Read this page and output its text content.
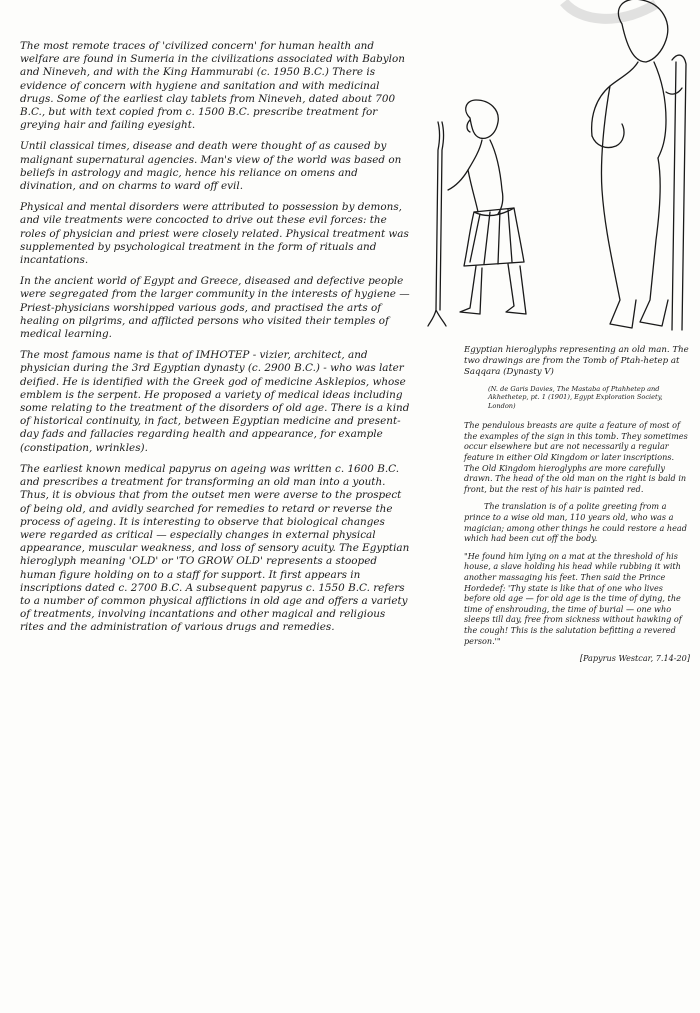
The most remote traces of 'civilized concern' for human health and welfare are found in Sumeria in the civilizations associated with Babylon and Nineveh, and with the King Hammurabi (c. 1950 B.C.) There is evidence of concern with hygiene and sanitation and with medicinal drugs. Some of the earliest clay tablets from Nineveh, dated about 700 B.C., but with text copied from c. 1500 B.C. prescribe treatment for greying hair and failing eyesight.

Until classical times, disease and death were thought of as caused by malignant supernatural agencies. Man's view of the world was based on beliefs in astrology and magic, hence his reliance on omens and divination, and on charms to ward off evil.

Physical and mental disorders were attributed to possession by demons, and vile treatments were concocted to drive out these evil forces: the roles of physician and priest were closely related. Physical treatment was supplemented by psychological treatment in the form of rituals and incantations.

In the ancient world of Egypt and Greece, diseased and defective people were segregated from the larger community in the interests of hygiene — Priest-physicians worshipped various gods, and practised the arts of healing on pilgrims, and afflicted persons who visited their temples of medical learning.

The most famous name is that of IMHOTEP - vizier, architect, and physician during the 3rd Egyptian dynasty (c. 2900 B.C.) - who was later deified. He is identified with the Greek god of medicine Asklepios, whose emblem is the serpent. He proposed a variety of medical ideas including some relating to the treatment of the disorders of old age. There is a kind of historical continuity, in fact, between Egyptian medicine and present-day fads and fallacies regarding health and appearance, for example (constipation, wrinkles).

The earliest known medical papyrus on ageing was written c. 1600 B.C. and prescribes a treatment for transforming an old man into a youth. Thus, it is obvious that from the outset men were averse to the prospect of being old, and avidly searched for remedies to retard or reverse the process of ageing. It is interesting to observe that biological changes were regarded as critical — especially changes in external physical appearance, muscular weakness, and loss of sensory acuity. The Egyptian hieroglyph meaning 'OLD' or 'TO GROW OLD' represents a stooped human figure holding on to a staff for support. It first appears in inscriptions dated c. 2700 B.C. A subsequent papyrus c. 1550 B.C. refers to a number of common physical afflictions in old age and offers a variety of treatments, involving incantations and other magical and religious rites and the administration of various drugs and remedies.

Egyptian hieroglyphs representing an old man. The two drawings are from the Tomb of Ptah-hetep at Saqqara (Dynasty V)

(N. de Garis Davies, The Mastaba of Ptahhetep and Akhethetep, pt. 1 (1901), Egypt Exploration Society, London)

The pendulous breasts are quite a feature of most of the examples of the sign in this tomb. They sometimes occur elsewhere but are not necessarily a regular feature in either Old Kingdom or later inscriptions. The Old Kingdom hieroglyphs are more carefully drawn. The head of the old man on the right is bald in front, but the rest of his hair is painted red.

The translation is of a polite greeting from a prince to a wise old man, 110 years old, who was a magician; among other things he could restore a head which had been cut off the body.

"He found him lying on a mat at the threshold of his house, a slave holding his head while rubbing it with another massaging his feet. Then said the Prince Hordedef: 'Thy state is like that of one who lives before old age — for old age is the time of dying, the time of enshrouding, the time of burial — one who sleeps till day, free from sickness without hawking of the cough! This is the salutation befitting a revered person.'"

[Papyrus Westcar, 7.14-20]
